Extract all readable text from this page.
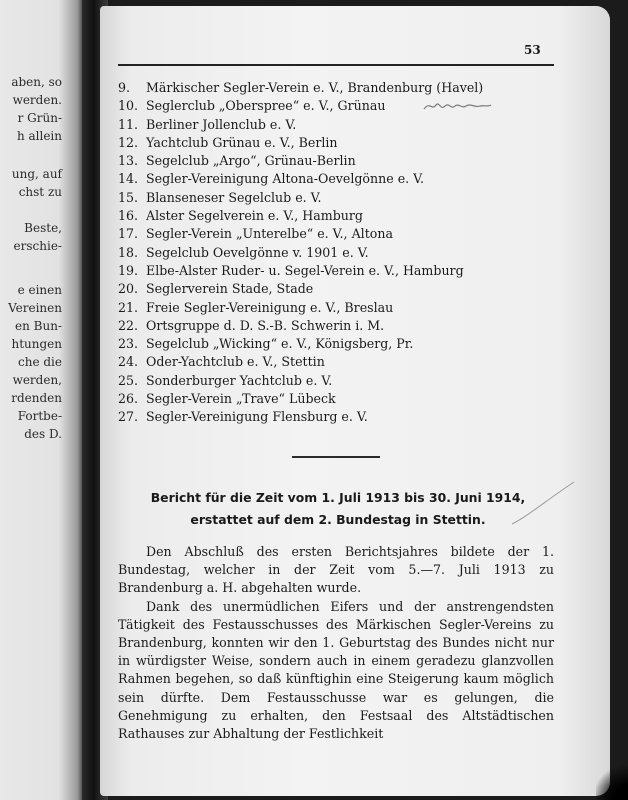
aben, so
werden.
r Grün-
h allein
ung, auf
chst zu
Beste,
erschie-
e einen
Vereinen
en Bun-
htungen
che die
werden,
rdenden
Fortbe-
des D.
53
9. Märkischer Segler-Verein e. V., Brandenburg (Havel)
10. Seglerclub „Oberspree“ e. V., Grünau
11. Berliner Jollenclub e. V.
12. Yachtclub Grünau e. V., Berlin
13. Segelclub „Argo“, Grünau-Berlin
14. Segler-Vereinigung Altona-Oevelgönne e. V.
15. Blanseneser Segelclub e. V.
16. Alster Segelverein e. V., Hamburg
17. Segler-Verein „Unterelbe“ e. V., Altona
18. Segelclub Oevelgönne v. 1901 e. V.
19. Elbe-Alster Ruder- u. Segel-Verein e. V., Hamburg
20. Seglerverein Stade, Stade
21. Freie Segler-Vereinigung e. V., Breslau
22. Ortsgruppe d. D. S.-B. Schwerin i. M.
23. Segelclub „Wicking“ e. V., Königsberg, Pr.
24. Oder-Yachtclub e. V., Stettin
25. Sonderburger Yachtclub e. V.
26. Segler-Verein „Trave“ Lübeck
27. Segler-Vereinigung Flensburg e. V.
Bericht für die Zeit vom 1. Juli 1913 bis 30. Juni 1914,
erstattet auf dem 2. Bundestag in Stettin.

Den Abschluß des ersten Berichtsjahres bildete der 1. Bundestag, welcher in der Zeit vom 5.—7. Juli 1913 zu Brandenburg a. H. abgehalten wurde.

Dank des unermüdlichen Eifers und der anstrengendsten Tätigkeit des Festausschusses des Märkischen Segler-Vereins zu Brandenburg, konnten wir den 1. Geburtstag des Bundes nicht nur in würdigster Weise, sondern auch in einem geradezu glanzvollen Rahmen begehen, so daß künftighin eine Steigerung kaum möglich sein dürfte. Dem Festausschusse war es gelungen, die Genehmigung zu erhalten, den Festsaal des Altstädtischen Rathauses zur Abhaltung der Festlichkeit
